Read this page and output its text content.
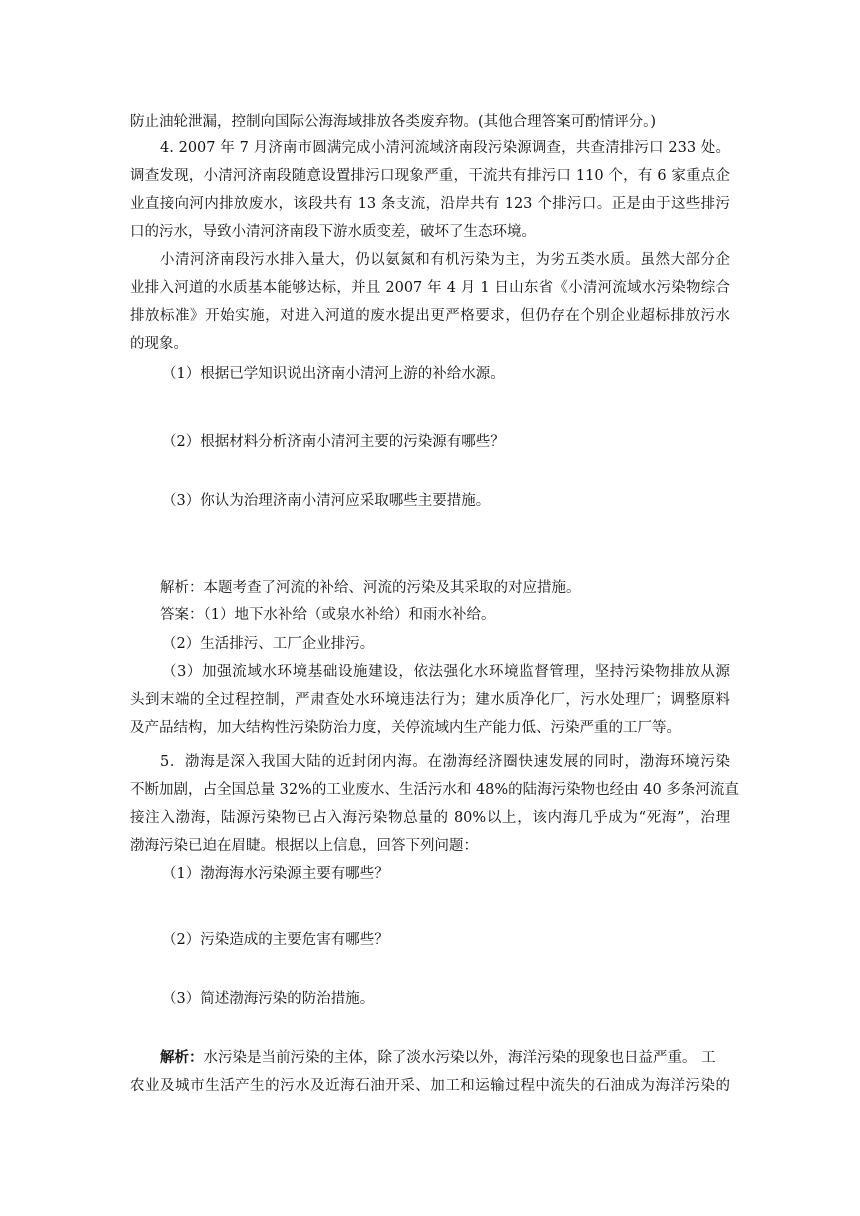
防止油轮泄漏，控制向国际公海海域排放各类废弃物。(其他合理答案可酌情评分。)
4. 2007 年 7 月济南市圆满完成小清河流域济南段污染源调查，共查清排污口 233 处。
调查发现，小清河济南段随意设置排污口现象严重，干流共有排污口 110 个，有 6 家重点企
业直接向河内排放废水，该段共有 13 条支流，沿岸共有 123 个排污口。正是由于这些排污
口的污水，导致小清河济南段下游水质变差，破坏了生态环境。
小清河济南段污水排入量大，仍以氨氮和有机污染为主，为劣五类水质。虽然大部分企
业排入河道的水质基本能够达标，并且 2007 年 4 月 1 日山东省《小清河流域水污染物综合
排放标准》开始实施，对进入河道的废水提出更严格要求，但仍存在个别企业超标排放污水
的现象。
（1）根据已学知识说出济南小清河上游的补给水源。
（2）根据材料分析济南小清河主要的污染源有哪些？
（3）你认为治理济南小清河应采取哪些主要措施。
解析：本题考查了河流的补给、河流的污染及其采取的对应措施。
答案：（1）地下水补给（或泉水补给）和雨水补给。
（2）生活排污、工厂企业排污。
（3）加强流域水环境基础设施建设，依法强化水环境监督管理，坚持污染物排放从源
头到末端的全过程控制，严肃查处水环境违法行为；建水质净化厂，污水处理厂；调整原料
及产品结构，加大结构性污染防治力度，关停流域内生产能力低、污染严重的工厂等。
5．渤海是深入我国大陆的近封闭内海。在渤海经济圈快速发展的同时，渤海环境污染
不断加剧，占全国总量 32%的工业废水、生活污水和 48%的陆海污染物也经由 40 多条河流直
接注入渤海，陆源污染物已占入海污染物总量的 80%以上，该内海几乎成为“死海”，治理
渤海污染已迫在眉睫。根据以上信息，回答下列问题：
（1）渤海海水污染源主要有哪些？
（2）污染造成的主要危害有哪些？
（3）简述渤海污染的防治措施。
解析：水污染是当前污染的主体，除了淡水污染以外，海洋污染的现象也日益严重。 工
农业及城市生活产生的污水及近海石油开采、加工和运输过程中流失的石油成为海洋污染的
